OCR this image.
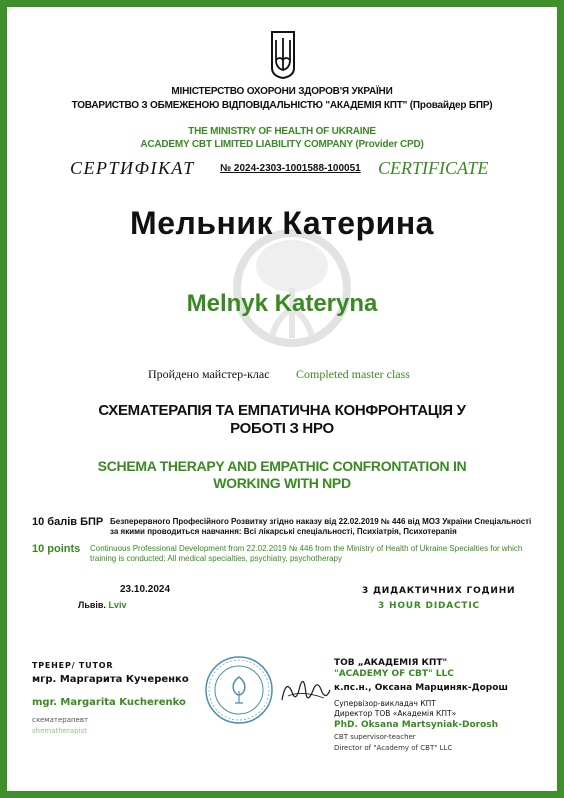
МІНІСТЕРСТВО ОХОРОНИ ЗДОРОВ'Я УКРАЇНИ
ТОВАРИСТВО З ОБМЕЖЕНОЮ ВІДПОВІДАЛЬНІСТЮ "АКАДЕМІЯ КПТ" (Провайдер БПР)
THE MINISTRY OF HEALTH OF UKRAINE
ACADEMY CBT LIMITED LIABILITY COMPANY (Provider CPD)
СЕРТИФІКАТ	№ 2024-2303-1001588-100051 CERTIFICATE
Мельник Катерина
Melnyk Kateryna
Пройдено майстер-клас Completed master class
СХЕМАТЕРАПІЯ ТА ЕМПАТИЧНА КОНФРОНТАЦІЯ У
РОБОТІ З НРО
SCHEMA THERAPY AND EMPATHIC CONFRONTATION IN
WORKING WITH NPD
10 балів БПР Безперервного Професійного Розвитку згідно наказу від 22.02.2019 № 446 від МОЗ України Спеціальності за якими проводиться навчання: Всі лікарські спеціальності, Психіатрія, Психотерапія
10 points Continuous Professional Development from 22.02.2019 № 446 from the Ministry of Health of Ukraine Specialties for which training is conducted: All medical specialties, psychiatry, psychotherapy
23.10.2024
Львів. Lviv
3 ДИДАКТИЧНИХ ГОДИНИ
3 HOUR DIDACTIC
ТРЕНЕР/ TUTOR
мгр. Маргарита Кучеренко
mgr. Margarita Kucherenko
схематерапевт
shematherapist
ТОВ „АКАДЕМІЯ КПТ"
"ACADEMY OF CBT" LLC
к.пс.н., Оксана Марциняк-Дорош
Супервізор-викладач КПТ
Директор ТОВ «Академія КПТ»
PhD. Oksana Martsyniak-Dorosh
CBT supervisor-teacher
Director of "Academy of CBT" LLC
